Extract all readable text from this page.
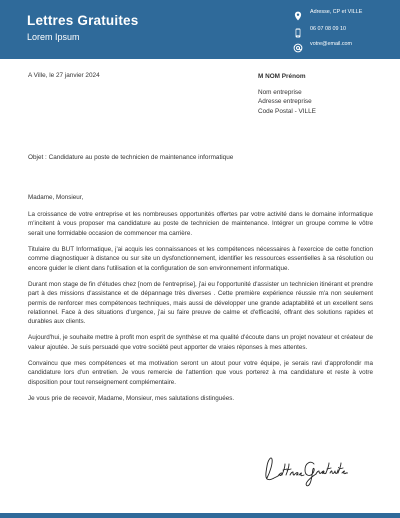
Lettres Gratuites
Lorem Ipsum
Adresse, CP et VILLE
06 07 08 09 10
votre@email.com
A Ville, le 27 janvier 2024	M NOM Prénom
Nom entreprise
Adresse entreprise
Code Postal - VILLE
Objet : Candidature au poste de technicien de maintenance informatique

Madame, Monsieur,

La croissance de votre entreprise et les nombreuses opportunités offertes par votre activité dans le domaine informatique m'incitent à vous proposer ma candidature au poste de technicien de maintenance. Intégrer un groupe comme le vôtre serait une formidable occasion de commencer ma carrière.

Titulaire du BUT Informatique, j'ai acquis les connaissances et les compétences nécessaires à l'exercice de cette fonction comme diagnostiquer à distance ou sur site un dysfonctionnement, identifier les ressources essentielles à sa résolution ou encore guider le client dans l'utilisation et la configuration de son environnement informatique.

Durant mon stage de fin d'études chez [nom de l'entreprise], j'ai eu l'opportunité d'assister un technicien itinérant et prendre part à des missions d'assistance et de dépannage très diverses . Cette première expérience réussie m'a non seulement permis de renforcer mes compétences techniques, mais aussi de développer une grande adaptabilité et un excellent sens relationnel. Face à des situations d'urgence, j'ai su faire preuve de calme et d'efficacité, offrant des solutions rapides et durables aux clients.

Aujourd'hui, je souhaite mettre à profit mon esprit de synthèse et ma qualité d'écoute dans un projet novateur et créateur de valeur ajoutée. Je suis persuadé que votre société peut apporter de vraies réponses à mes attentes.

Convaincu que mes compétences et ma motivation seront un atout pour votre équipe, je serais ravi d'approfondir ma candidature lors d'un entretien. Je vous remercie de l'attention que vous porterez à ma candidature et reste à votre disposition pour tout renseignement complémentaire.

Je vous prie de recevoir, Madame, Monsieur, mes salutations distinguées.
